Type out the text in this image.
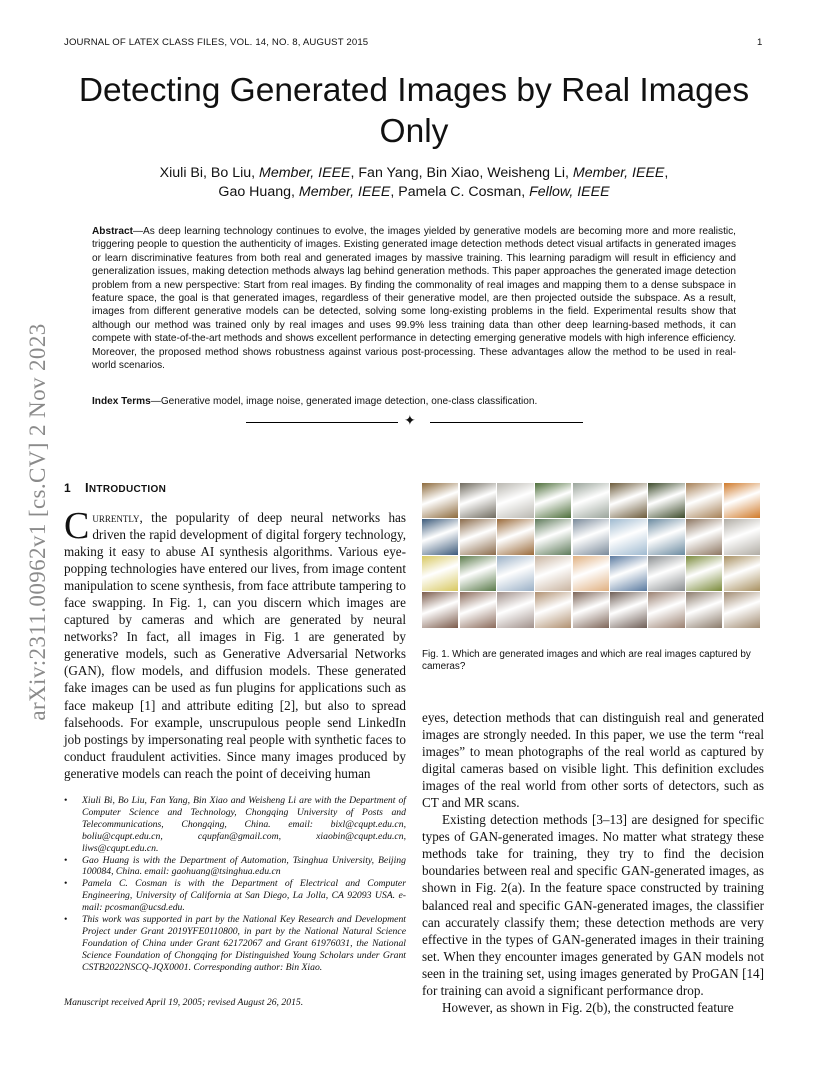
JOURNAL OF LATEX CLASS FILES, VOL. 14, NO. 8, AUGUST 2015	1
arXiv:2311.00962v1 [cs.CV] 2 Nov 2023
Detecting Generated Images by Real Images Only
Xiuli Bi, Bo Liu, Member, IEEE, Fan Yang, Bin Xiao, Weisheng Li, Member, IEEE,
Gao Huang, Member, IEEE, Pamela C. Cosman, Fellow, IEEE
Abstract—As deep learning technology continues to evolve, the images yielded by generative models are becoming more and more realistic, triggering people to question the authenticity of images. Existing generated image detection methods detect visual artifacts in generated images or learn discriminative features from both real and generated images by massive training. This learning paradigm will result in efficiency and generalization issues, making detection methods always lag behind generation methods. This paper approaches the generated image detection problem from a new perspective: Start from real images. By finding the commonality of real images and mapping them to a dense subspace in feature space, the goal is that generated images, regardless of their generative model, are then projected outside the subspace. As a result, images from different generative models can be detected, solving some long-existing problems in the field. Experimental results show that although our method was trained only by real images and uses 99.9% less training data than other deep learning-based methods, it can compete with state-of-the-art methods and shows excellent performance in detecting emerging generative models with high inference efficiency. Moreover, the proposed method shows robustness against various post-processing. These advantages allow the method to be used in real-world scenarios.
Index Terms—Generative model, image noise, generated image detection, one-class classification.
✦
1 INTRODUCTION
Currently, the popularity of deep neural networks has driven the rapid development of digital forgery technology, making it easy to abuse AI synthesis algorithms. Various eye-popping technologies have entered our lives, from image content manipulation to scene synthesis, from face attribute tampering to face swapping. In Fig. 1, can you discern which images are captured by cameras and which are generated by neural networks? In fact, all images in Fig. 1 are generated by generative models, such as Generative Adversarial Networks (GAN), flow models, and diffusion models. These generated fake images can be used as fun plugins for applications such as face makeup [1] and attribute editing [2], but also to spread falsehoods. For example, unscrupulous people send LinkedIn job postings by impersonating real people with synthetic faces to conduct fraudulent activities. Since many images produced by generative models can reach the point of deceiving human
• Xiuli Bi, Bo Liu, Fan Yang, Bin Xiao and Weisheng Li are with the Department of Computer Science and Technology, Chongqing University of Posts and Telecommunications, Chongqing, China. email: bixl@cqupt.edu.cn, boliu@cqupt.edu.cn, cqupfan@gmail.com, xiaobin@cqupt.edu.cn, liws@cqupt.edu.cn.
• Gao Huang is with the Department of Automation, Tsinghua University, Beijing 100084, China. email: gaohuang@tsinghua.edu.cn
• Pamela C. Cosman is with the Department of Electrical and Computer Engineering, University of California at San Diego, La Jolla, CA 92093 USA. e-mail: pcosman@ucsd.edu.
• This work was supported in part by the National Key Research and Development Project under Grant 2019YFE0110800, in part by the National Natural Science Foundation of China under Grant 62172067 and Grant 61976031, the National Science Foundation of Chongqing for Distinguished Young Scholars under Grant CSTB2022NSCQ-JQX0001. Corresponding author: Bin Xiao.
Manuscript received April 19, 2005; revised August 26, 2015.
Fig. 1. Which are generated images and which are real images captured by cameras?

eyes, detection methods that can distinguish real and generated images are strongly needed. In this paper, we use the term “real images” to mean photographs of the real world as captured by digital cameras based on visible light. This definition excludes images of the real world from other sorts of detectors, such as CT and MR scans.

Existing detection methods [3–13] are designed for specific types of GAN-generated images. No matter what strategy these methods take for training, they try to find the decision boundaries between real and specific GAN-generated images, as shown in Fig. 2(a). In the feature space constructed by training balanced real and specific GAN-generated images, the classifier can accurately classify them; these detection methods are very effective in the types of GAN-generated images in their training set. When they encounter images generated by GAN models not seen in the training set, using images generated by ProGAN [14] for training can avoid a significant performance drop.

However, as shown in Fig. 2(b), the constructed feature
